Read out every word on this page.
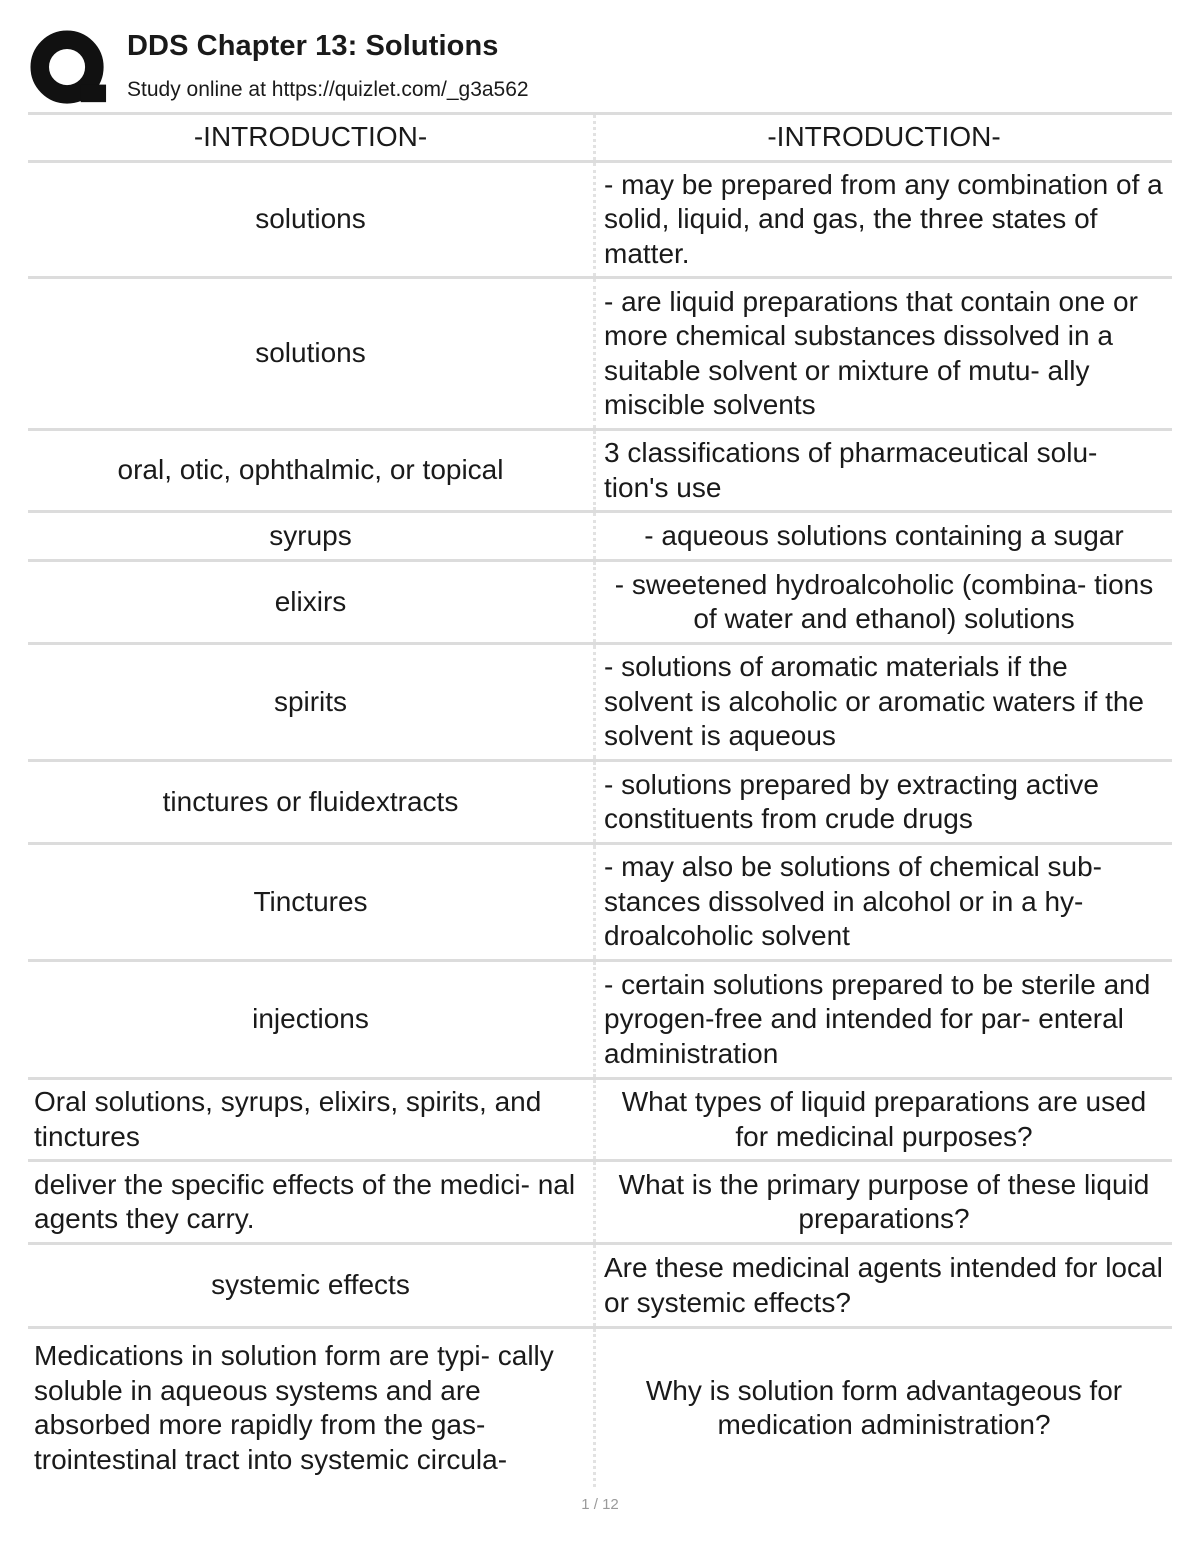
DDS Chapter 13: Solutions
Study online at https://quizlet.com/_g3a562
-INTRODUCTION-	-INTRODUCTION-
solutions
- may be prepared from any combination of a solid, liquid, and gas, the three states of matter.
solutions
- are liquid preparations that contain one or more chemical substances dissolved in a suitable solvent or mixture of mutu- ally miscible solvents
oral, otic, ophthalmic, or topical
3 classifications of pharmaceutical solu- tion's use
syrups	- aqueous solutions containing a sugar
elixirs
- sweetened hydroalcoholic (combina- tions of water and ethanol) solutions
spirits
- solutions of aromatic materials if the solvent is alcoholic or aromatic waters if the solvent is aqueous
tinctures or fluidextracts
- solutions prepared by extracting active constituents from crude drugs
Tinctures
- may also be solutions of chemical sub- stances dissolved in alcohol or in a hy- droalcoholic solvent
injections
- certain solutions prepared to be sterile and pyrogen-free and intended for par- enteral administration
Oral solutions, syrups, elixirs, spirits, and tinctures
What types of liquid preparations are used for medicinal purposes?
deliver the specific effects of the medici- nal agents they carry.
What is the primary purpose of these liquid preparations?
systemic effects
Are these medicinal agents intended for local or systemic effects?
Medications in solution form are typi- cally soluble in aqueous systems and are absorbed more rapidly from the gas- trointestinal tract into systemic circula-
Why is solution form advantageous for medication administration?
1 / 12
